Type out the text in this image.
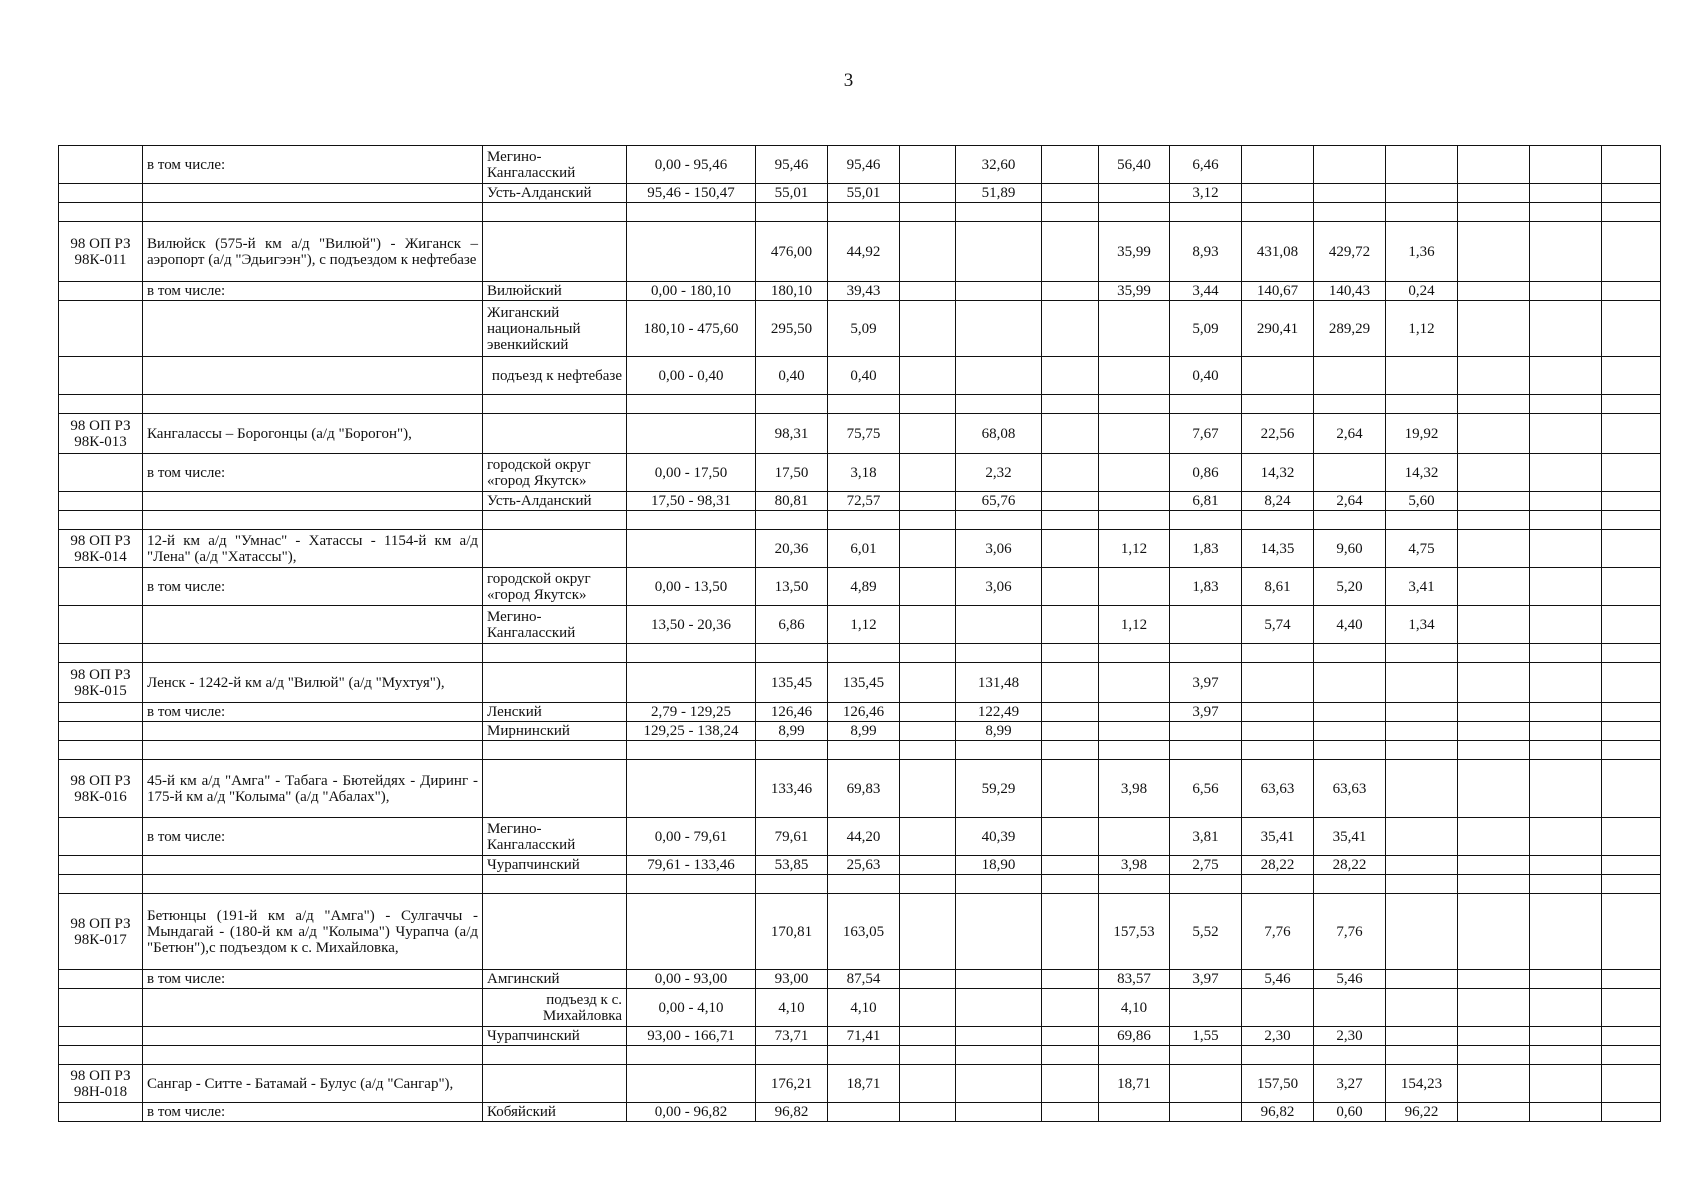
3
	в том числе:	Мегино-Кангаласский	0,00 - 95,46	95,46	95,46		32,60		56,40	6,46						
		Усть-Алданский	95,46 - 150,47	55,01	55,01		51,89			3,12						

98 ОП РЗ 98К-011	Вилюйск (575-й км а/д "Вилюй") - Жиганск – аэропорт (а/д "Эдьигээн"), с подъездом к нефтебазе			476,00	44,92				35,99	8,93	431,08	429,72	1,36			
	в том числе:	Вилюйский	0,00 - 180,10	180,10	39,43				35,99	3,44	140,67	140,43	0,24			
		Жиганский национальный эвенкийский	180,10 - 475,60	295,50	5,09					5,09	290,41	289,29	1,12			
		подъезд к нефтебазе	0,00 - 0,40	0,40	0,40					0,40						

98 ОП РЗ 98К-013	Кангалассы – Борогонцы (а/д "Борогон"),			98,31	75,75		68,08			7,67	22,56	2,64	19,92			
	в том числе:	городской округ «город Якутск»	0,00 - 17,50	17,50	3,18		2,32			0,86	14,32		14,32			
		Усть-Алданский	17,50 - 98,31	80,81	72,57		65,76			6,81	8,24	2,64	5,60			

98 ОП РЗ 98К-014	12-й км а/д "Умнас" - Хатассы - 1154-й км а/д "Лена" (а/д "Хатассы"),			20,36	6,01		3,06		1,12	1,83	14,35	9,60	4,75			
	в том числе:	городской округ «город Якутск»	0,00 - 13,50	13,50	4,89		3,06			1,83	8,61	5,20	3,41			
		Мегино-Кангаласский	13,50 - 20,36	6,86	1,12				1,12		5,74	4,40	1,34			

98 ОП РЗ 98К-015	Ленск - 1242-й км а/д "Вилюй" (а/д "Мухтуя"),			135,45	135,45		131,48			3,97						
	в том числе:	Ленский	2,79 - 129,25	126,46	126,46		122,49			3,97						
		Мирнинский	129,25 - 138,24	8,99	8,99		8,99									

98 ОП РЗ 98К-016	45-й км а/д "Амга" - Табага - Бютейдях - Диринг - 175-й км а/д "Колыма" (а/д "Абалах"),			133,46	69,83		59,29		3,98	6,56	63,63	63,63				
	в том числе:	Мегино-Кангаласский	0,00 - 79,61	79,61	44,20		40,39			3,81	35,41	35,41				
		Чурапчинский	79,61 - 133,46	53,85	25,63		18,90		3,98	2,75	28,22	28,22				

98 ОП РЗ 98К-017	Бетюнцы (191-й км а/д "Амга") - Сулгаччы - Мындагай - (180-й км а/д "Колыма") Чурапча (а/д "Бетюн"),с подъездом к с. Михайловка,			170,81	163,05				157,53	5,52	7,76	7,76				
	в том числе:	Амгинский	0,00 - 93,00	93,00	87,54				83,57	3,97	5,46	5,46				
		подъезд к с. Михайловка	0,00 - 4,10	4,10	4,10				4,10							
		Чурапчинский	93,00 - 166,71	73,71	71,41				69,86	1,55	2,30	2,30				

98 ОП РЗ 98Н-018	Сангар - Ситте - Батамай - Булус (а/д "Сангар"),			176,21	18,71				18,71		157,50	3,27	154,23			
	в том числе:	Кобяйский	0,00 - 96,82	96,82							96,82	0,60	96,22			
